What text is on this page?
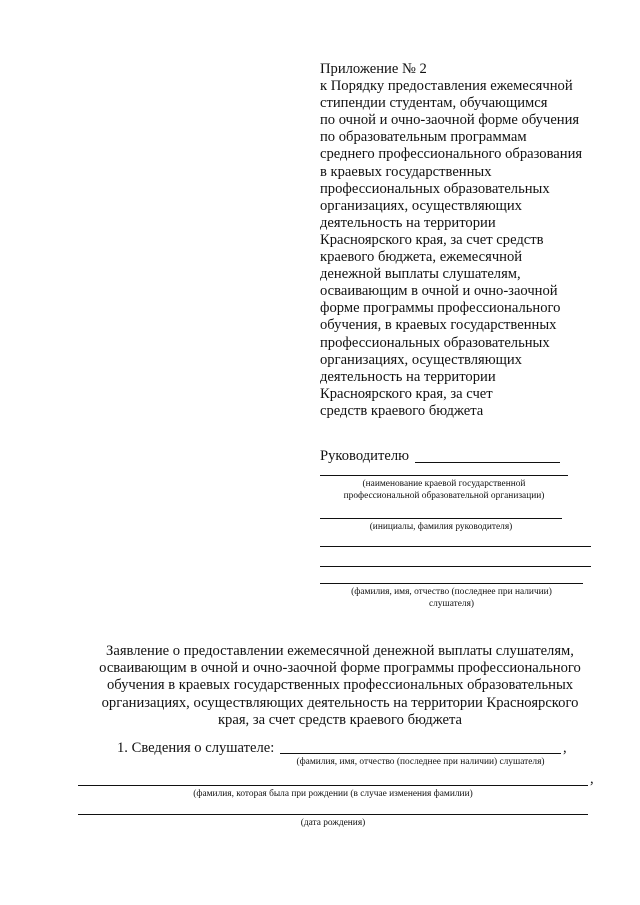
Приложение № 2
к Порядку предоставления ежемесячной
стипендии студентам, обучающимся
по очной и очно-заочной форме обучения
по образовательным программам
среднего профессионального образования
в краевых государственных
профессиональных образовательных
организациях, осуществляющих
деятельность на территории
Красноярского края, за счет средств
краевого бюджета, ежемесячной
денежной выплаты слушателям,
осваивающим в очной и очно-заочной
форме программы профессионального
обучения, в краевых государственных
профессиональных образовательных
организациях, осуществляющих
деятельность на территории
Красноярского края, за счет
средств краевого бюджета
Руководителю
(наименование краевой государственной
профессиональной образовательной организации)
(инициалы, фамилия руководителя)
(фамилия, имя, отчество (последнее при наличии)
слушателя)
Заявление о предоставлении ежемесячной денежной выплаты слушателям,
осваивающим в очной и очно-заочной форме программы профессионального
обучения в краевых государственных профессиональных образовательных
организациях, осуществляющих деятельность на территории Красноярского
края, за счет средств краевого бюджета
1. Сведения о слушателе:	,
(фамилия, имя, отчество (последнее при наличии) слушателя)
,
(фамилия, которая была при рождении (в случае изменения фамилии)
(дата рождения)
